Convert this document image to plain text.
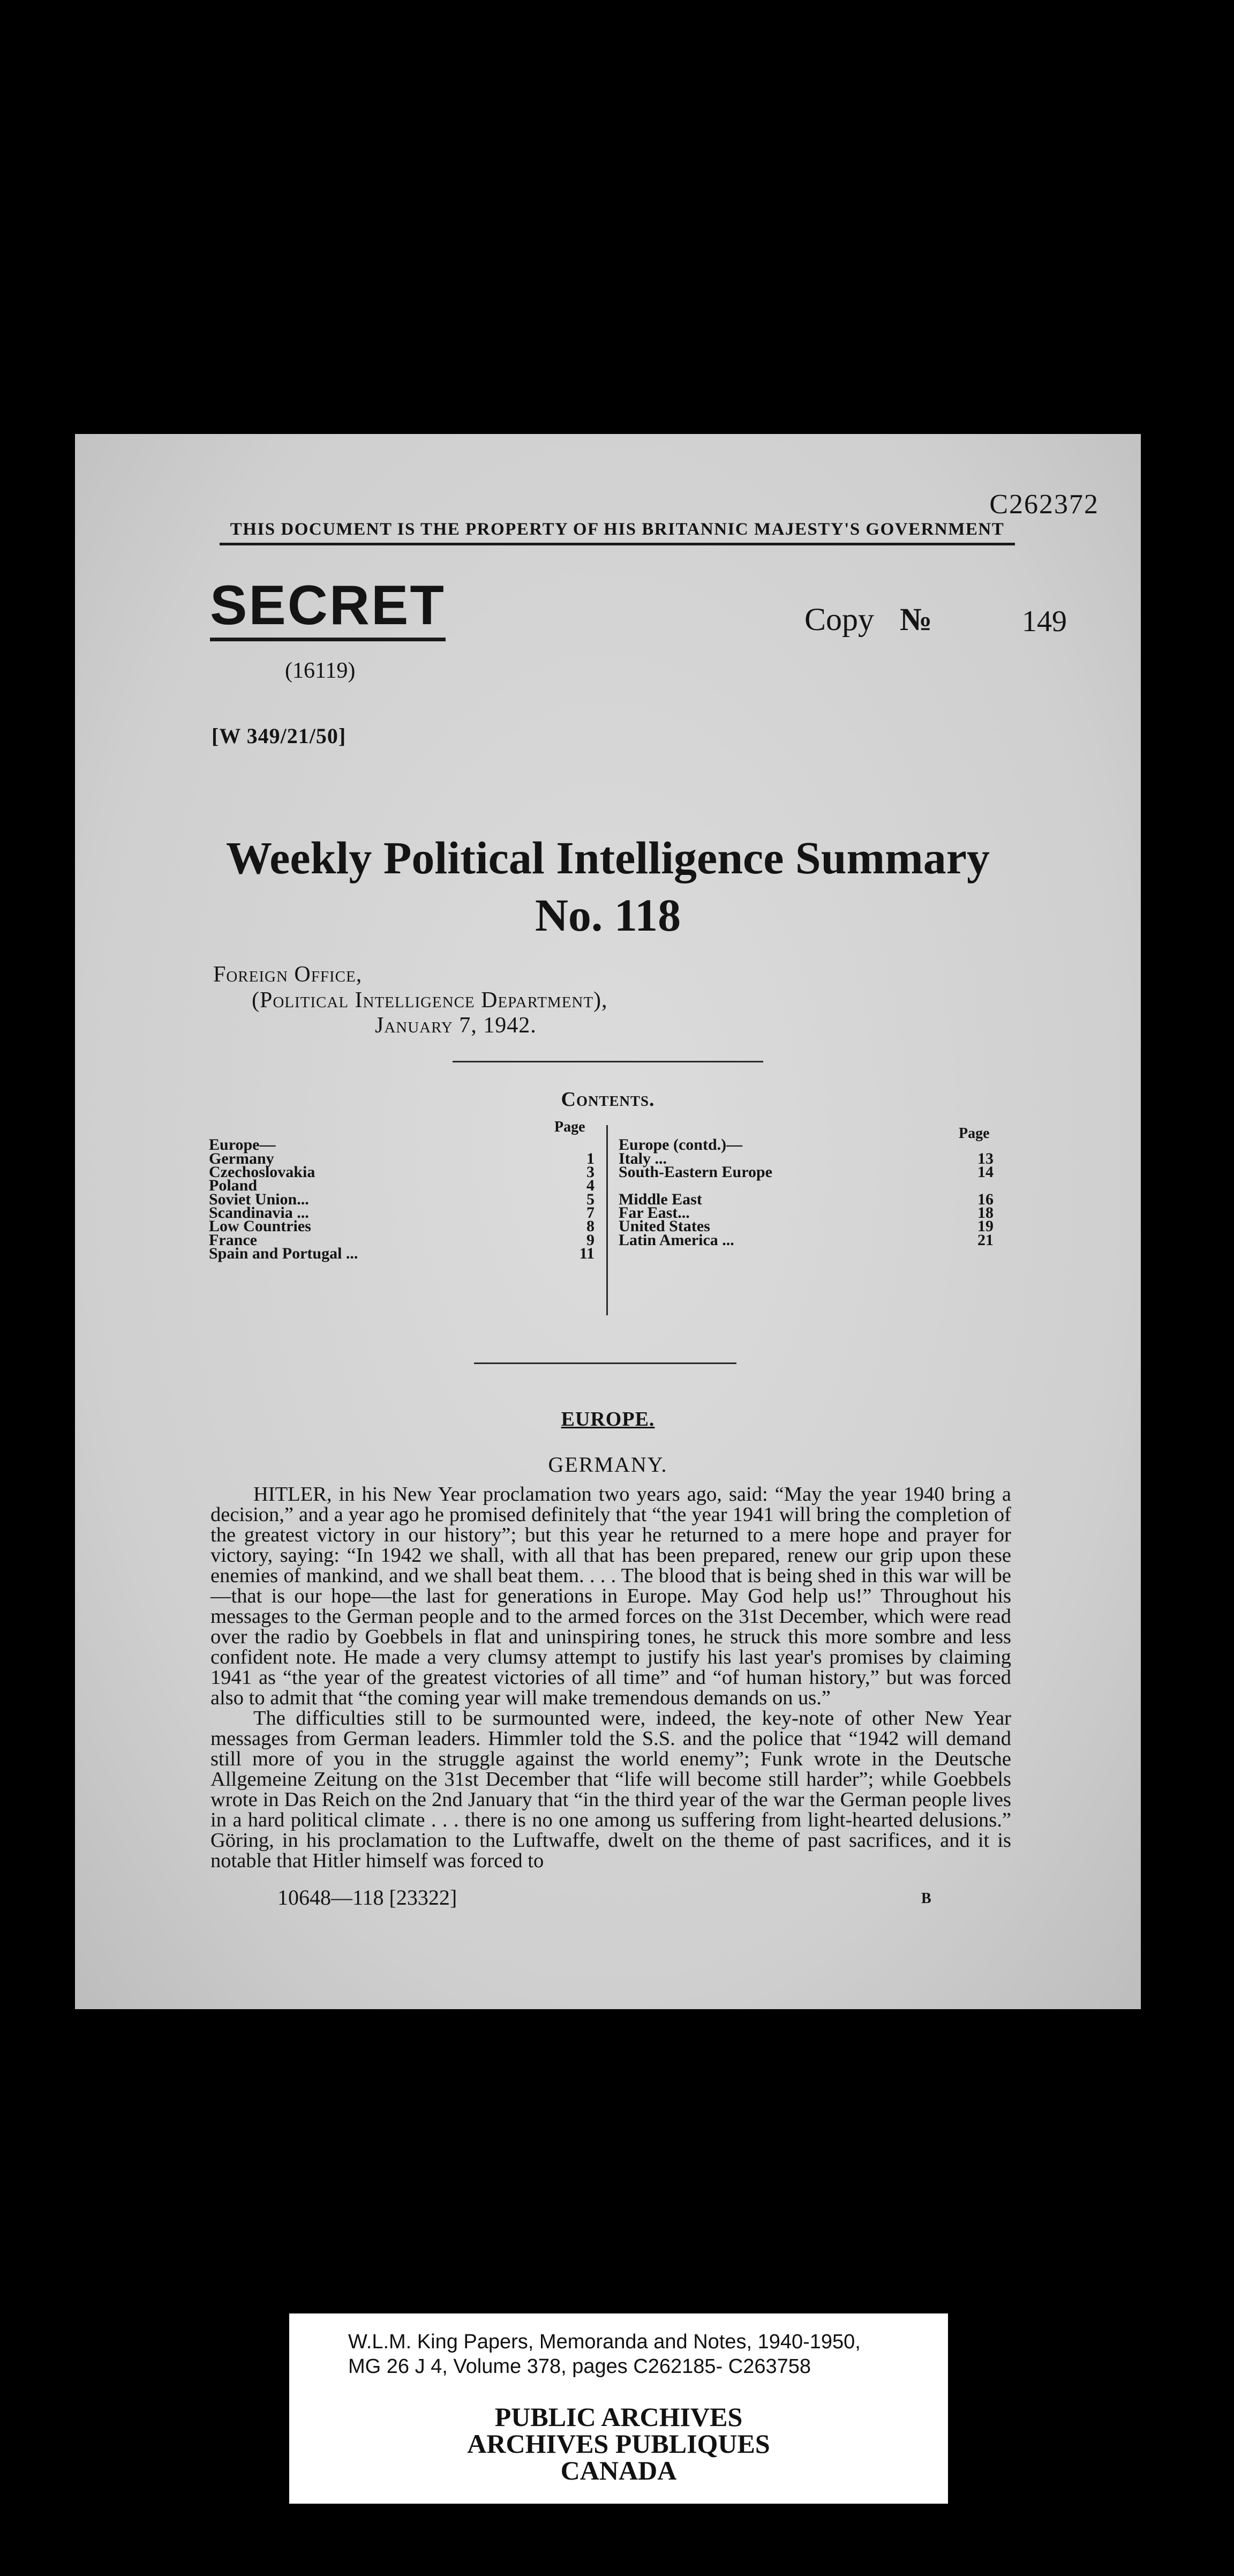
C262372
THIS DOCUMENT IS THE PROPERTY OF HIS BRITANNIC MAJESTY'S GOVERNMENT
SECRET	Copy №	149
(16119)
[W 349/21/50]
Weekly Political Intelligence Summary
No. 118
Foreign Office,
(Political Intelligence Department),
January 7, 1942.
Contents.
Page	Page
Europe—
Germany	1
Czechoslovakia	3
Poland	4
Soviet Union...	5
Scandinavia ...	7
Low Countries	8
France	9
Spain and Portugal ...	11
Europe (contd.)—
Italy ...	13
South-Eastern Europe	14
Middle East	16
Far East...	18
United States	19
Latin America ...	21
EUROPE.
GERMANY.

HITLER, in his New Year proclamation two years ago, said: “May the year 1940 bring a decision,” and a year ago he promised definitely that “the year 1941 will bring the completion of the greatest victory in our history”; but this year he returned to a mere hope and prayer for victory, saying: “In 1942 we shall, with all that has been prepared, renew our grip upon these enemies of mankind, and we shall beat them. . . . The blood that is being shed in this war will be—that is our hope—the last for generations in Europe. May God help us!” Throughout his messages to the German people and to the armed forces on the 31st December, which were read over the radio by Goebbels in flat and uninspiring tones, he struck this more sombre and less confident note. He made a very clumsy attempt to justify his last year's promises by claiming 1941 as “the year of the greatest victories of all time” and “of human history,” but was forced also to admit that “the coming year will make tremendous demands on us.”

The difficulties still to be surmounted were, indeed, the key-note of other New Year messages from German leaders. Himmler told the S.S. and the police that “1942 will demand still more of you in the struggle against the world enemy”; Funk wrote in the Deutsche Allgemeine Zeitung on the 31st December that “life will become still harder”; while Goebbels wrote in Das Reich on the 2nd January that “in the third year of the war the German people lives in a hard political climate . . . there is no one among us suffering from light-hearted delusions.” Göring, in his proclamation to the Luftwaffe, dwelt on the theme of past sacrifices, and it is notable that Hitler himself was forced to

10648—118 [23322]	B
W.L.M. King Papers, Memoranda and Notes, 1940-1950,
MG 26 J 4, Volume 378, pages C262185- C263758
PUBLIC ARCHIVES
ARCHIVES PUBLIQUES
CANADA
